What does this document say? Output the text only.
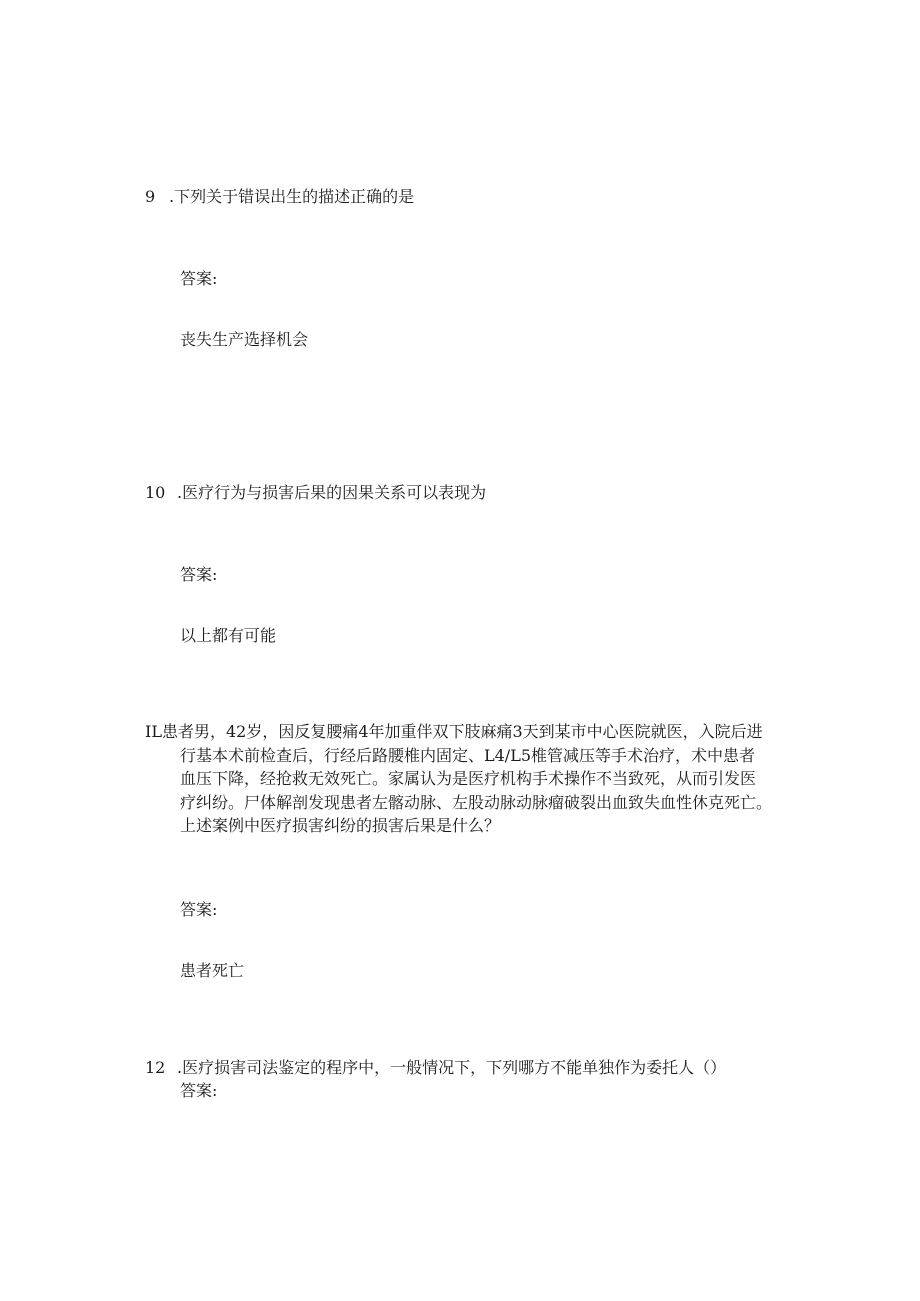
9 .下列关于错误出生的描述正确的是
答案:
丧失生产选择机会
10 .医疗行为与损害后果的因果关系可以表现为
答案:
以上都有可能
IL患者男，42岁，因反复腰痛4年加重伴双下肢麻痛3天到某市中心医院就医，入院后进
行基本术前检查后，行经后路腰椎内固定、L4/L5椎管减压等手术治疗，术中患者
血压下降，经抢救无效死亡。家属认为是医疗机构手术操作不当致死，从而引发医
疗纠纷。尸体解剖发现患者左髂动脉、左股动脉动脉瘤破裂出血致失血性休克死亡。
上述案例中医疗损害纠纷的损害后果是什么？
答案:
患者死亡
12 .医疗损害司法鉴定的程序中，一般情况下，下列哪方不能单独作为委托人（）
答案:
